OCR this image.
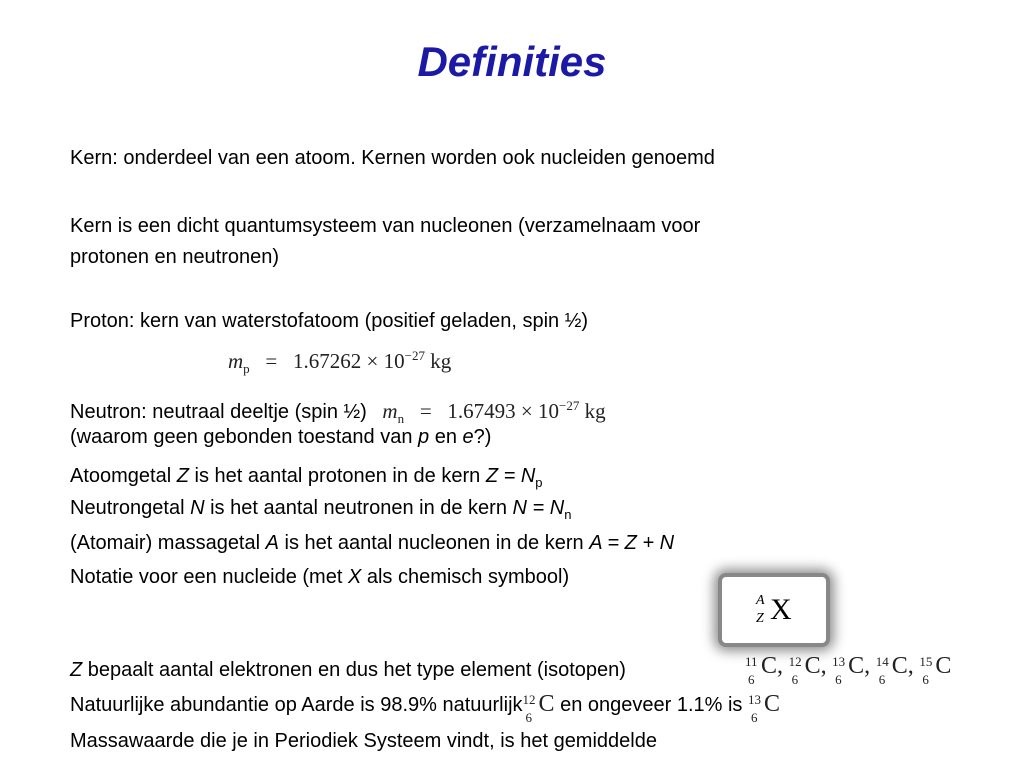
Definities
Kern: onderdeel van een atoom. Kernen worden ook nucleiden genoemd
Kern is een dicht quantumsysteem van nucleonen (verzamelnaam voor
protonen en neutronen)
Proton: kern van waterstofatoom (positief geladen, spin ½)
$m_p = 1.67262 \times 10^{-27}$ kg
Neutron: neutraal deeltje (spin ½) $m_n = 1.67493 \times 10^{-27}$ kg
(waarom geen gebonden toestand van p en e?)
Atoomgetal Z is het aantal protonen in de kern $Z = N_p$
Neutrongetal N is het aantal neutronen in de kern $N = N_n$
(Atomair) massagetal A is het aantal nucleonen in de kern A = Z + N
Notatie voor een nucleide (met X als chemisch symbool)
A
Z X
Z bepaalt aantal elektronen en dus het type element (isotopen)	11
6
C, 12
6
C, 13
6
C, 14
6
C, 15
6
C
Natuurlijke abundantie op Aarde is 98.9% natuurlijk 12
6
C en ongeveer 1.1% is 13
6
C
Massawaarde die je in Periodiek Systeem vindt, is het gemiddelde
